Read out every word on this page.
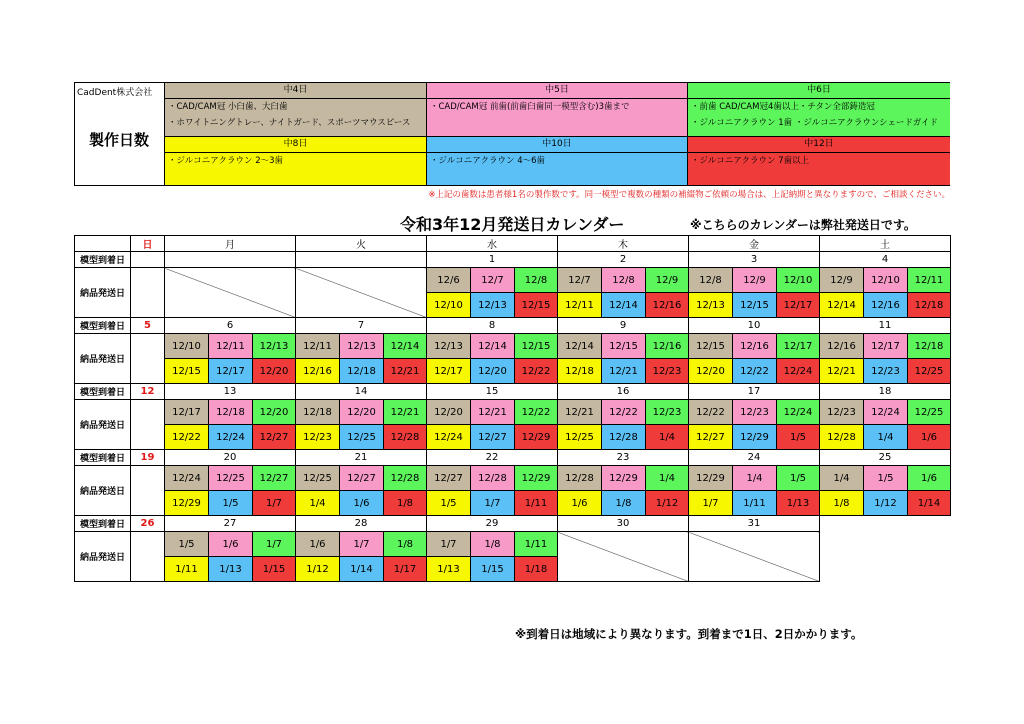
CadDent株式会社
製作日数
中4日
・CAD/CAM冠 小臼歯、大臼歯
・ホワイトニングトレー、ナイトガード、スポーツマウスピース
中5日
・CAD/CAM冠 前歯(前歯臼歯同一模型含む)3歯まで
中6日
・前歯 CAD/CAM冠4歯以上・チタン全部鋳造冠
・ジルコニアクラウン 1歯 ・ジルコニアクラウンシェードガイド
中8日
・ジルコニアクラウン 2～3歯
中10日
・ジルコニアクラウン 4～6歯
中12日
・ジルコニアクラウン 7歯以上
※上記の歯数は患者様1名の製作数です。同一模型で複数の種類の補綴物ご依頼の場合は、上記納期と異なりますので、ご相談ください。
令和3年12月発送日カレンダー	※こちらのカレンダーは弊社発送日です。
	日	月			火			水			木			金			土		
模型到着日								1			2			3			4		
納品発送日								12/6	12/7	12/8	12/7	12/8	12/9	12/8	12/9	12/10	12/9	12/10	12/11
								12/10	12/13	12/15	12/11	12/14	12/16	12/13	12/15	12/17	12/14	12/16	12/18
模型到着日	5	6			7			8			9			10			11		
納品発送日		12/10	12/11	12/13	12/11	12/13	12/14	12/13	12/14	12/15	12/14	12/15	12/16	12/15	12/16	12/17	12/16	12/17	12/18
		12/15	12/17	12/20	12/16	12/18	12/21	12/17	12/20	12/22	12/18	12/21	12/23	12/20	12/22	12/24	12/21	12/23	12/25
模型到着日	12	13			14			15			16			17			18		
納品発送日		12/17	12/18	12/20	12/18	12/20	12/21	12/20	12/21	12/22	12/21	12/22	12/23	12/22	12/23	12/24	12/23	12/24	12/25
		12/22	12/24	12/27	12/23	12/25	12/28	12/24	12/27	12/29	12/25	12/28	1/4	12/27	12/29	1/5	12/28	1/4	1/6
模型到着日	19	20			21			22			23			24			25		
納品発送日		12/24	12/25	12/27	12/25	12/27	12/28	12/27	12/28	12/29	12/28	12/29	1/4	12/29	1/4	1/5	1/4	1/5	1/6
		12/29	1/5	1/7	1/4	1/6	1/8	1/5	1/7	1/11	1/6	1/8	1/12	1/7	1/11	1/13	1/8	1/12	1/14
模型到着日	26	27			28			29			30			31					
納品発送日		1/5	1/6	1/7	1/6	1/7	1/8	1/7	1/8	1/11									
		1/11	1/13	1/15	1/12	1/14	1/17	1/13	1/15	1/18									
※到着日は地域により異なります。到着まで1日、2日かかります。
